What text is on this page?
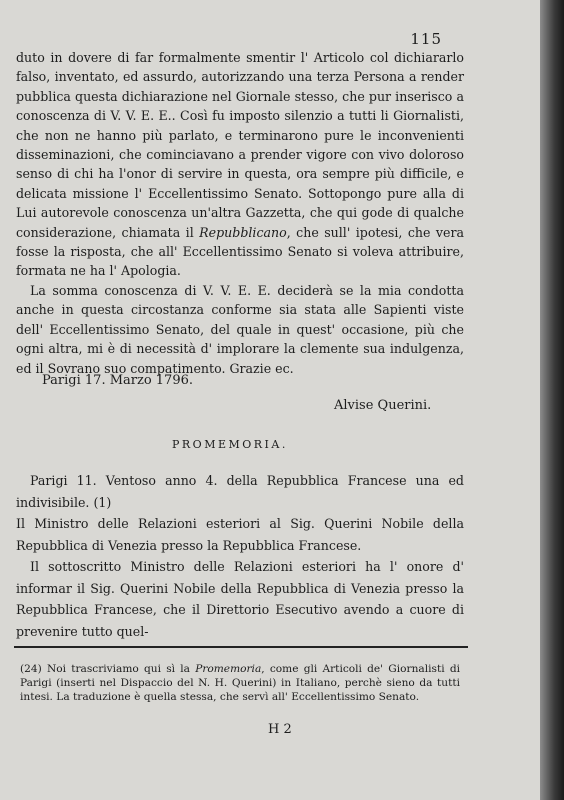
115

duto in dovere di far formalmente smentir l' Articolo col dichiararlo falso, inventato, ed assurdo, autorizzando una terza Persona a render pubblica questa dichiarazione nel Giornale stesso, che pur inserisco a conoscenza di V. V. E. E.. Così fu imposto silenzio a tutti li Giornalisti, che non ne hanno più parlato, e terminarono pure le inconvenienti disseminazioni, che cominciavano a prender vigore con vivo doloroso senso di chi ha l'onor di servire in questa, ora sempre più difficile, e delicata missione l' Eccellentissimo Senato. Sottopongo pure alla di Lui autorevole conoscenza un'altra Gazzetta, che qui gode di qualche considerazione, chiamata il Repubblicano, che sull' ipotesi, che vera fosse la risposta, che all' Eccellentissimo Senato si voleva attribuire, formata ne ha l' Apologia.

La somma conoscenza di V. V. E. E. deciderà se la mia condotta anche in questa circostanza conforme sia stata alle Sapienti viste dell' Eccellentissimo Senato, del quale in quest' occasione, più che ogni altra, mi è di necessità d' implorare la clemente sua indulgenza, ed il Sovrano suo compatimento. Grazie ec.

Parigi 17. Marzo 1796.
Alvise Querini.
PROMEMORIA.

Parigi 11. Ventoso anno 4. della Repubblica Francese una ed indivisibile. (1)

Il Ministro delle Relazioni esteriori al Sig. Querini Nobile della Repubblica di Venezia presso la Repubblica Francese.

Il sottoscritto Ministro delle Relazioni esteriori ha l' onore d' informar il Sig. Querini Nobile della Repubblica di Venezia presso la Repubblica Francese, che il Direttorio Esecutivo avendo a cuore di prevenire tutto quel-

(24) Noi trascriviamo qui sì la Promemoria, come gli Articoli de' Giornalisti di Parigi (inserti nel Dispaccio del N. H. Querini) in Italiano, perchè sieno da tutti intesi. La traduzione è quella stessa, che servì all' Eccellentissimo Senato.
H 2
